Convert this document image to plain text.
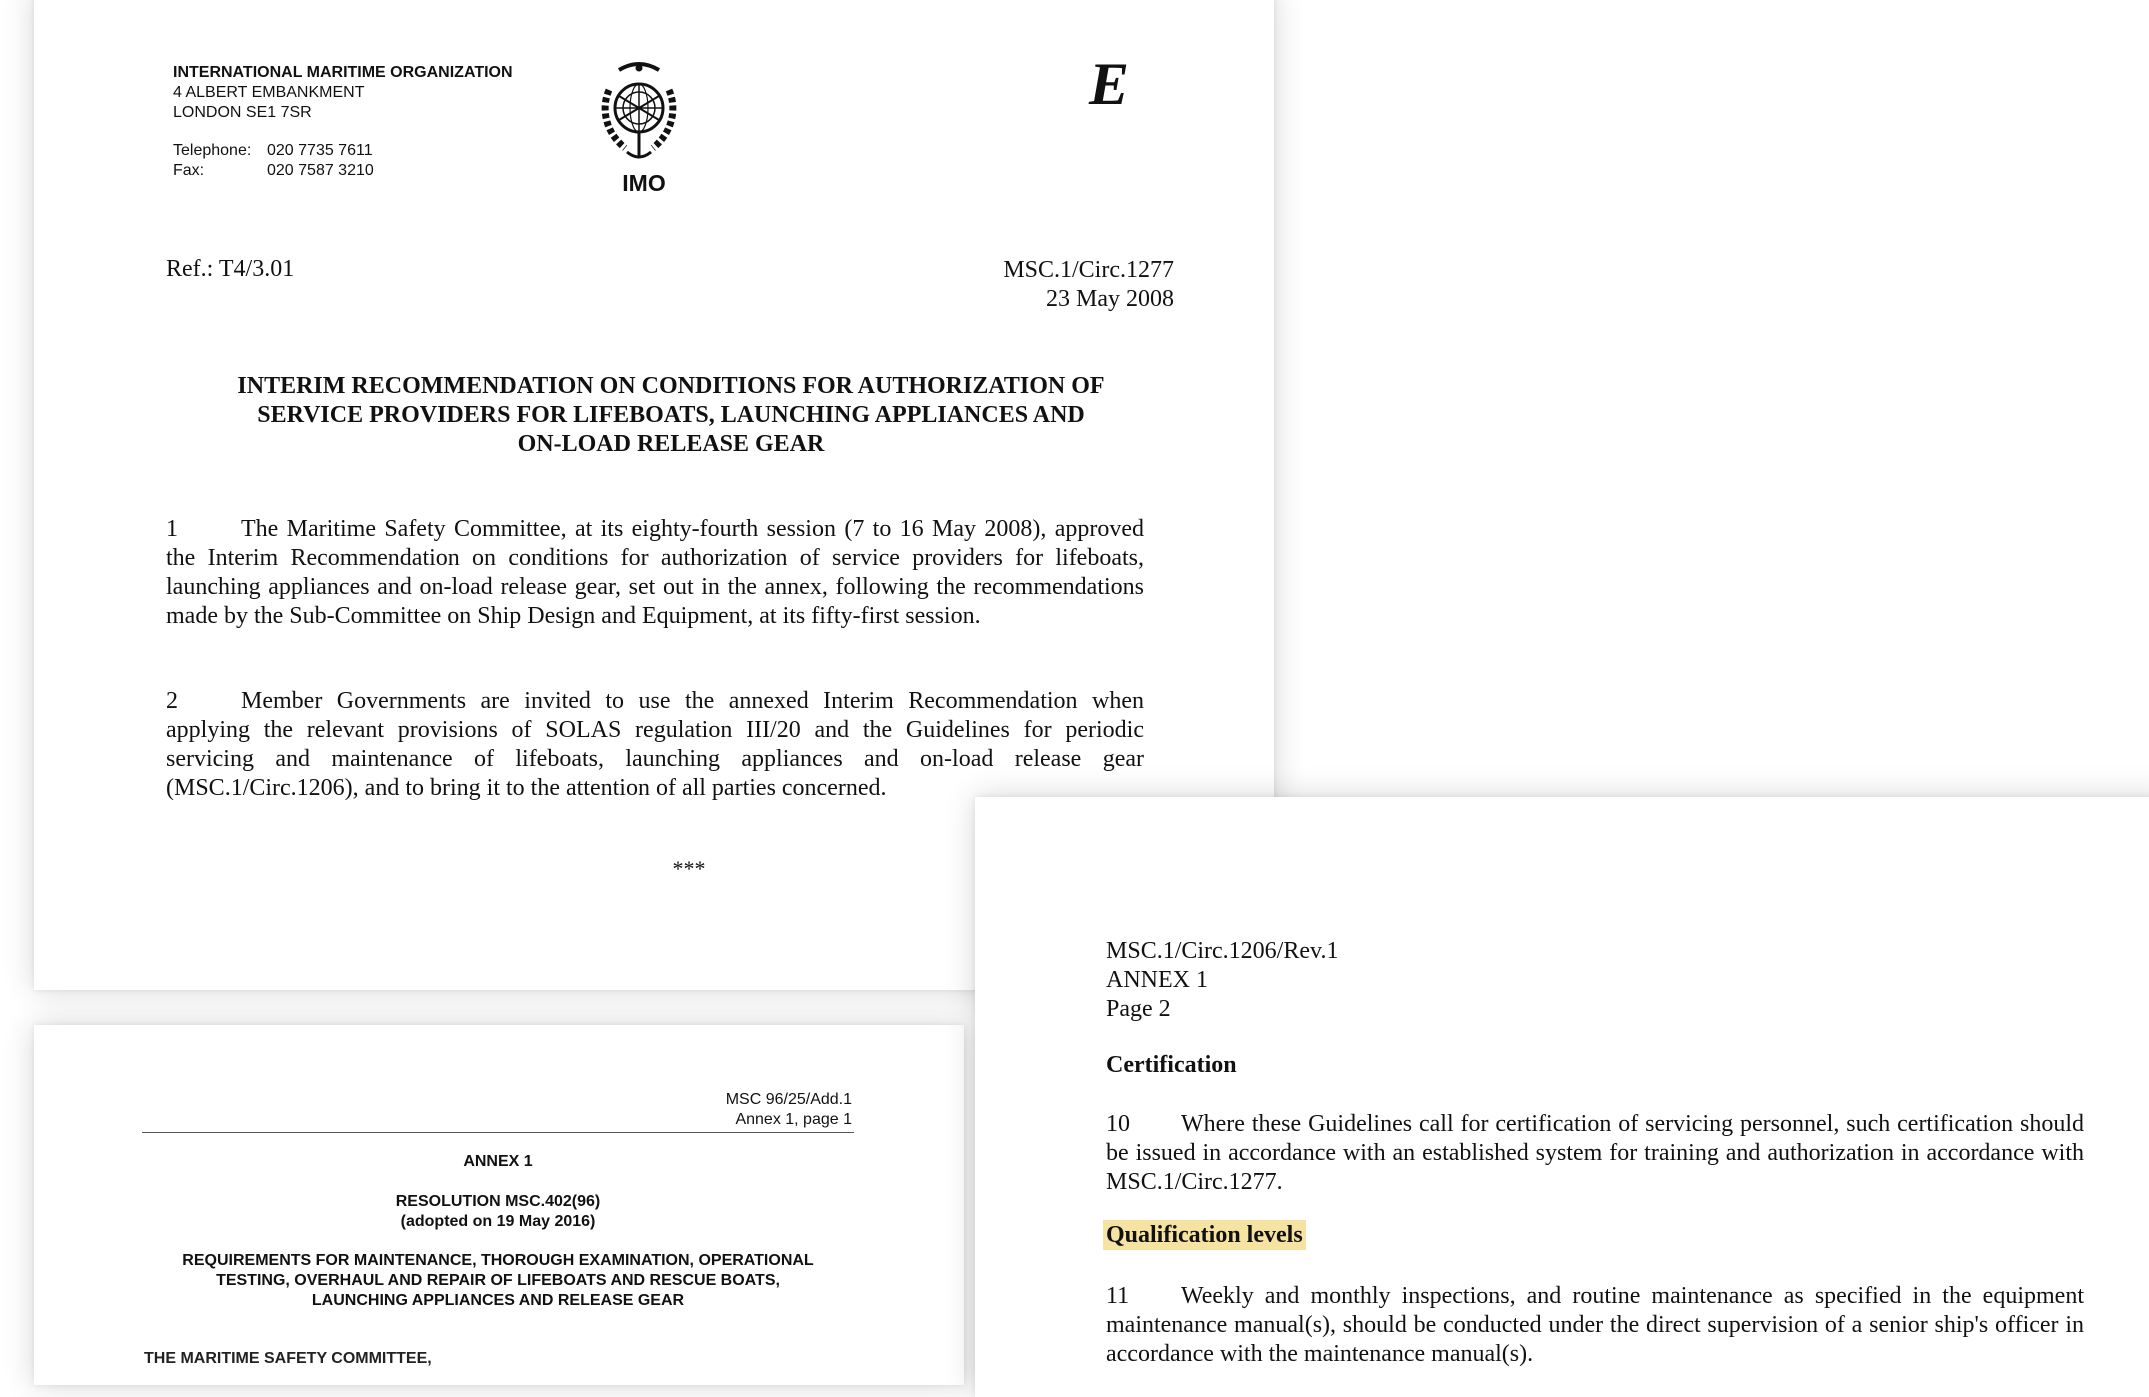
INTERNATIONAL MARITIME ORGANIZATION
4 ALBERT EMBANKMENT
LONDON SE1 7SR
Telephone: 020 7735 7611
Fax:	020 7587 3210	IMO
E
Ref.: T4/3.01	MSC.1/Circ.1277
23 May 2008
INTERIM RECOMMENDATION ON CONDITIONS FOR AUTHORIZATION OF
SERVICE PROVIDERS FOR LIFEBOATS, LAUNCHING APPLIANCES AND
ON-LOAD RELEASE GEAR
1	The Maritime Safety Committee, at its eighty-fourth session (7 to 16 May 2008), approved the Interim Recommendation on conditions for authorization of service providers for lifeboats, launching appliances and on-load release gear, set out in the annex, following the recommendations made by the Sub-Committee on Ship Design and Equipment, at its fifty-first session.
2	Member Governments are invited to use the annexed Interim Recommendation when applying the relevant provisions of SOLAS regulation III/20 and the Guidelines for periodic servicing and maintenance of lifeboats, launching appliances and on-load release gear (MSC.1/Circ.1206), and to bring it to the attention of all parties concerned.
***
MSC 96/25/Add.1
Annex 1, page 1
ANNEX 1
RESOLUTION MSC.402(96)
(adopted on 19 May 2016)
REQUIREMENTS FOR MAINTENANCE, THOROUGH EXAMINATION, OPERATIONAL
TESTING, OVERHAUL AND REPAIR OF LIFEBOATS AND RESCUE BOATS,
LAUNCHING APPLIANCES AND RELEASE GEAR
THE MARITIME SAFETY COMMITTEE,
MSC.1/Circ.1206/Rev.1
ANNEX 1
Page 2
Certification
10 Where these Guidelines call for certification of servicing personnel, such certification should be issued in accordance with an established system for training and authorization in accordance with MSC.1/Circ.1277.
Qualification levels
11 Weekly and monthly inspections, and routine maintenance as specified in the equipment maintenance manual(s), should be conducted under the direct supervision of a senior ship's officer in accordance with the maintenance manual(s).
